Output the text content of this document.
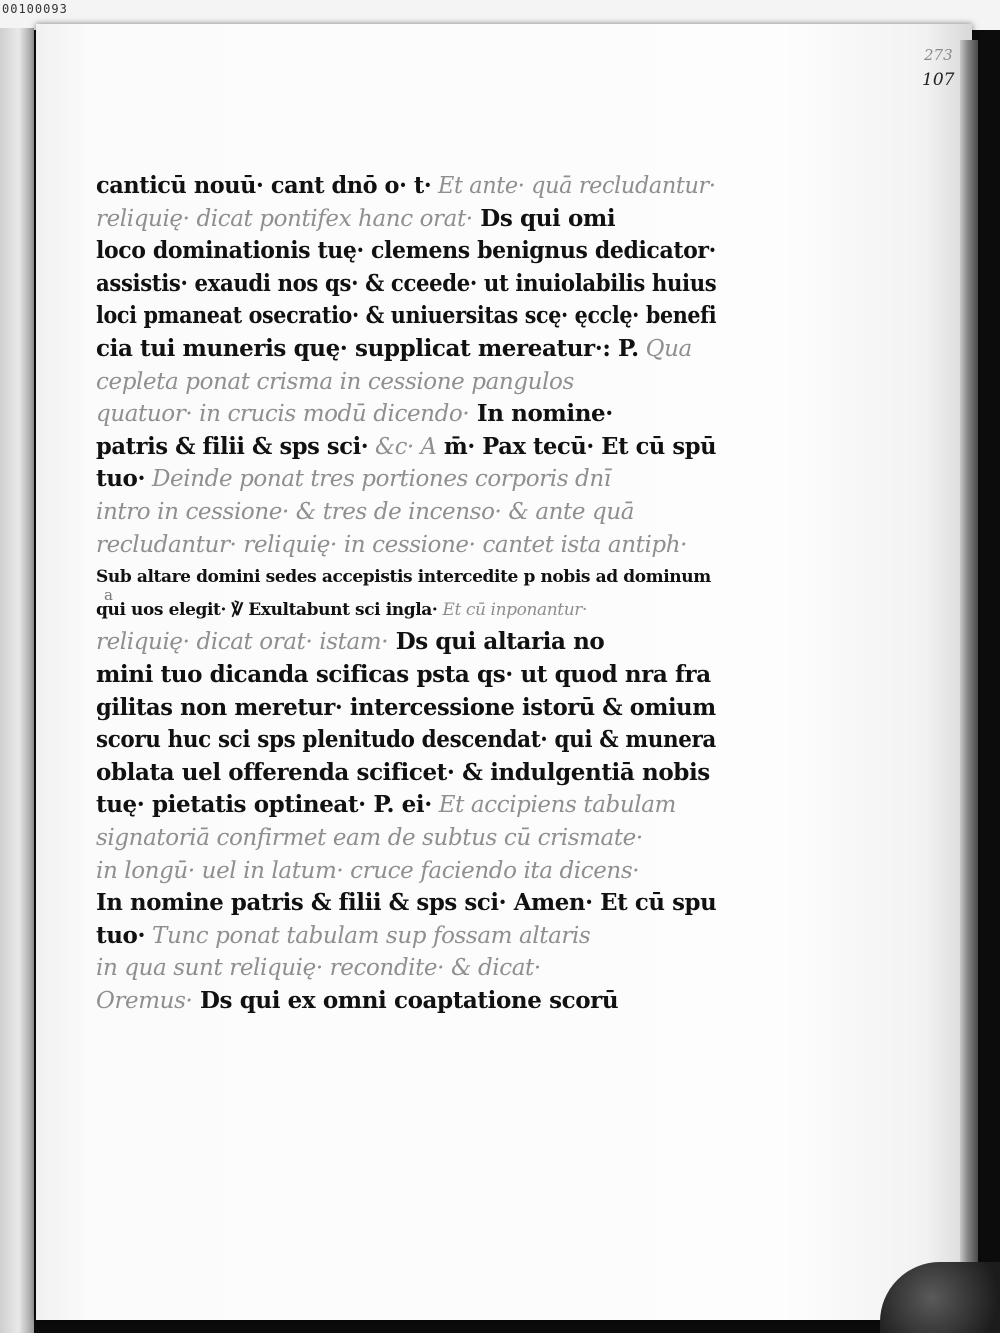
00100093
273
107
a
canticū nouū· cant dnō o· t· Et ante· quā recludantur·
reliquię· dicat pontifex hanc orat· Ds qui omi
loco dominationis tuę· clemens benignus dedicator·
assistis· exaudi nos qs· & cceede· ut inuiolabilis huius
loci pmaneat osecratio· & uniuersitas scę· ęcclę· benefi
cia tui muneris quę· supplicat mereatur·: P. Qua
cepleta ponat crisma in cessione pangulos
quatuor· in crucis modū dicendo· In nomine·
patris & filii & sps sci· &c· A m̄· Pax tecū· Et cū spū
tuo· Deinde ponat tres portiones corporis dnī
intro in cessione· & tres de incenso· & ante quā
recludantur· reliquię· in cessione· cantet ista antiph·
Sub altare domini sedes accepistis intercedite p nobis ad dominum
qui uos elegit· ℣ Exultabunt sci ingla· Et cū inponantur·
reliquię· dicat orat· istam· Ds qui altaria no
mini tuo dicanda scificas psta qs· ut quod nra fra
gilitas non meretur· intercessione istorū & omium
scoru huc sci sps plenitudo descendat· qui & munera
oblata uel offerenda scificet· & indulgentiā nobis
tuę· pietatis optineat· P. ei· Et accipiens tabulam
signatoriā confirmet eam de subtus cū crismate·
in longū· uel in latum· cruce faciendo ita dicens·
In nomine patris & filii & sps sci· Amen· Et cū spu
tuo· Tunc ponat tabulam sup fossam altaris
in qua sunt reliquię· recondite· & dicat·
Oremus· Ds qui ex omni coaptatione scorū
